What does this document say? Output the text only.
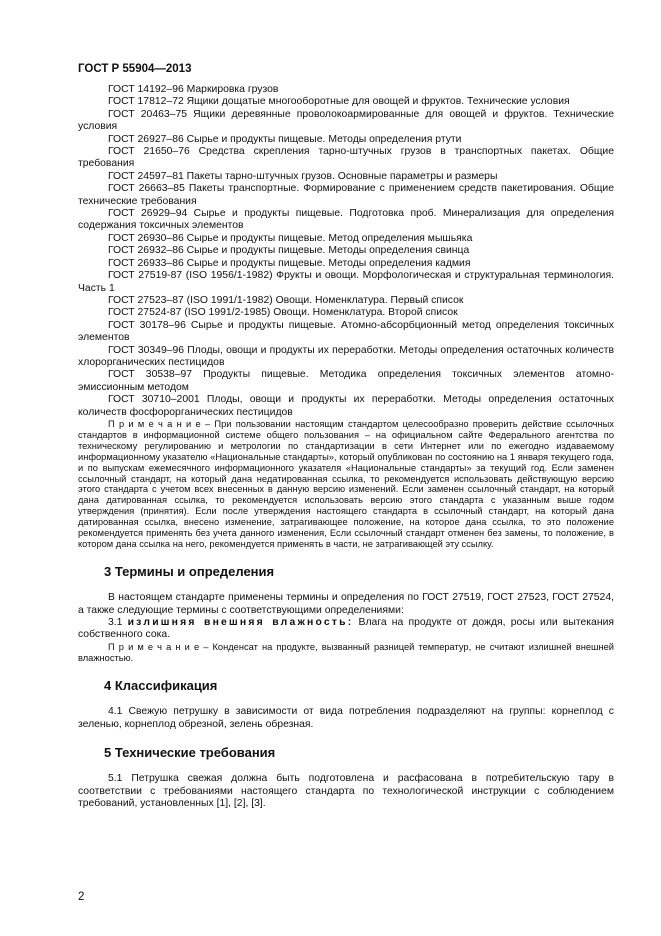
ГОСТ Р 55904—2013

ГОСТ 14192–96 Маркировка грузов

ГОСТ 17812–72 Ящики дощатые многооборотные для овощей и фруктов. Технические условия

ГОСТ 20463–75 Ящики деревянные проволокоармированные для овощей и фруктов. Технические условия

ГОСТ 26927–86 Сырье и продукты пищевые. Методы определения ртути

ГОСТ 21650–76 Средства скрепления тарно-штучных грузов в транспортных пакетах. Общие требования

ГОСТ 24597–81 Пакеты тарно-штучных грузов. Основные параметры и размеры

ГОСТ 26663–85 Пакеты транспортные. Формирование с применением средств пакетирования. Общие технические требования

ГОСТ 26929–94 Сырье и продукты пищевые. Подготовка проб. Минерализация для определения содержания токсичных элементов

ГОСТ 26930–86 Сырье и продукты пищевые. Метод определения мышьяка

ГОСТ 26932–86 Сырье и продукты пищевые. Методы определения свинца

ГОСТ 26933–86 Сырье и продукты пищевые. Методы определения кадмия

ГОСТ 27519-87 (ISO 1956/1-1982) Фрукты и овощи. Морфологическая и структуральная терминология. Часть 1

ГОСТ 27523–87 (ISO 1991/1-1982) Овощи. Номенклатура. Первый список

ГОСТ 27524-87 (ISO 1991/2-1985) Овощи. Номенклатура. Второй список

ГОСТ 30178–96 Сырье и продукты пищевые. Атомно-абсорбционный метод определения токсичных элементов

ГОСТ 30349–96 Плоды, овощи и продукты их переработки. Методы определения остаточных количеств хлорорганических пестицидов

ГОСТ 30538–97 Продукты пищевые. Методика определения токсичных элементов атомно-эмиссионным методом

ГОСТ 30710–2001 Плоды, овощи и продукты их переработки. Методы определения остаточных количеств фосфорорганических пестицидов

П р и м е ч а н и е – При пользовании настоящим стандартом целесообразно проверить действие ссылочных стандартов в информационной системе общего пользования – на официальном сайте Федерального агентства по техническому регулированию и метрологии по стандартизации в сети Интернет или по ежегодно издаваемому информационному указателю «Национальные стандарты», который опубликован по состоянию на 1 января текущего года, и по выпускам ежемесячного информационного указателя «Национальные стандарты» за текущий год. Если заменен ссылочный стандарт, на который дана недатированная ссылка, то рекомендуется использовать действующую версию этого стандарта с учетом всех внесенных в данную версию изменений. Если заменен ссылочный стандарт, на который дана датированная ссылка, то рекомендуется использовать версию этого стандарта с указанным выше годом утверждения (принятия). Если после утверждения настоящего стандарта в ссылочный стандарт, на который дана датированная ссылка, внесено изменение, затрагивающее положение, на которое дана ссылка, то это положение рекомендуется применять без учета данного изменения, Если ссылочный стандарт отменен без замены, то положение, в котором дана ссылка на него, рекомендуется применять в части, не затрагивающей эту ссылку.

3 Термины и определения

В настоящем стандарте применены термины и определения по ГОСТ 27519, ГОСТ 27523, ГОСТ 27524, а также следующие термины с соответствующими определениями:

3.1 излишняя внешняя влажность: Влага на продукте от дождя, росы или вытекания собственного сока.

П р и м е ч а н и е – Конденсат на продукте, вызванный разницей температур, не считают излишней внешней влажностью.

4 Классификация

4.1 Свежую петрушку в зависимости от вида потребления подразделяют на группы: корнеплод с зеленью, корнеплод обрезной, зелень обрезная.

5 Технические требования

5.1 Петрушка свежая должна быть подготовлена и расфасована в потребительскую тару в соответствии с требованиями настоящего стандарта по технологической инструкции с соблюдением требований, установленных [1], [2], [3].

2
